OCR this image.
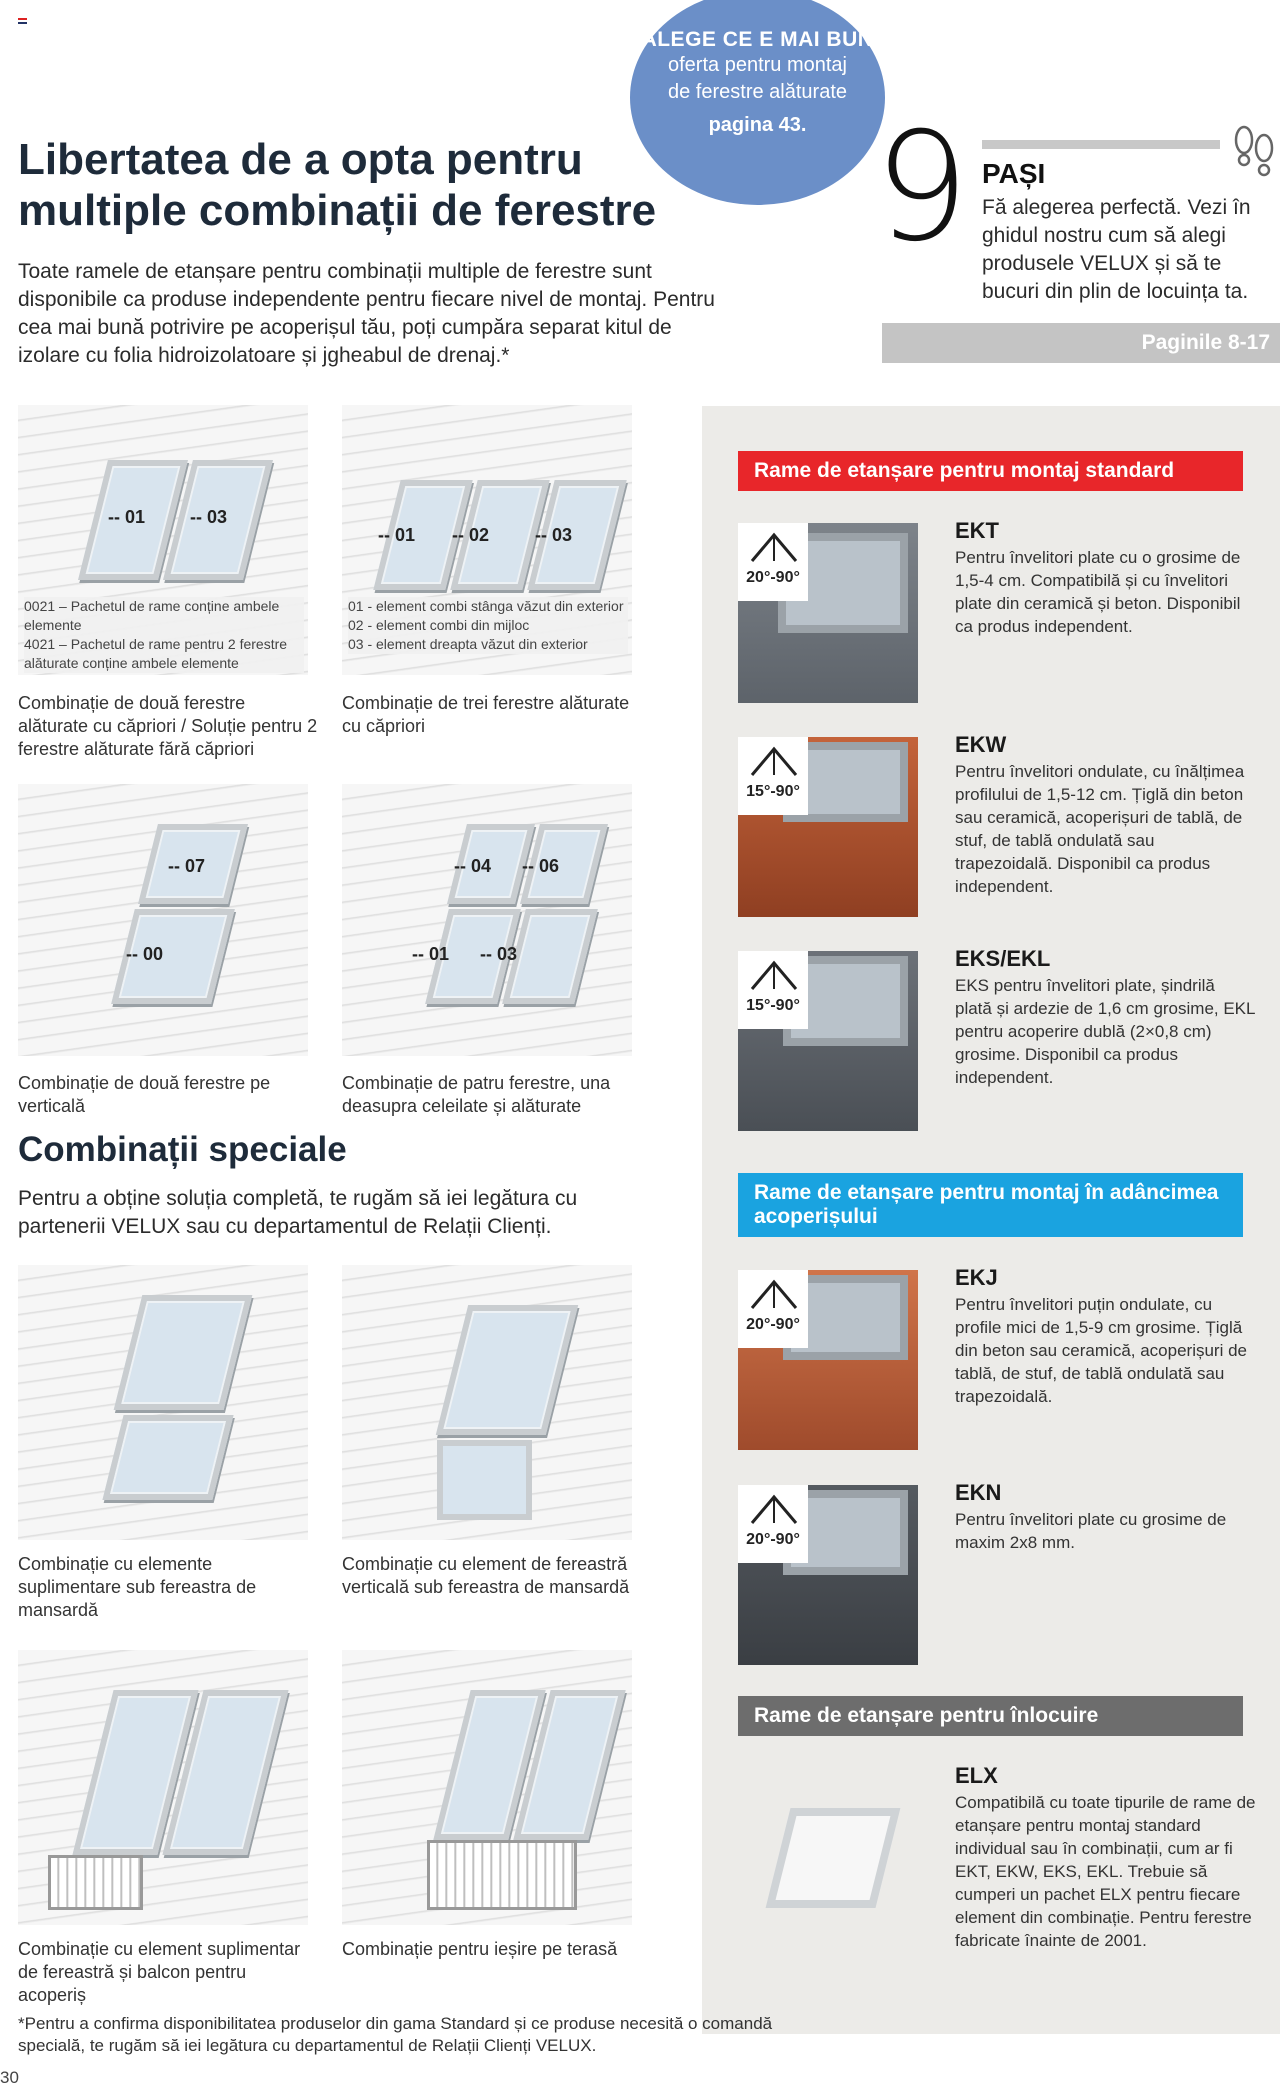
ALEGE CE E MAI BUN
oferta pentru montaj
de ferestre alăturate
pagina 43.
Libertatea de a opta pentru multiple combinații de ferestre
Toate ramele de etanșare pentru combinații multiple de ferestre sunt disponibile ca produse independente pentru fiecare nivel de montaj. Pentru cea mai bună potrivire pe acoperișul tău, poți cumpăra separat kitul de izolare cu folia hidroizolatoare și jgheabul de drenaj.*
9 PAȘI
Fă alegerea perfectă. Vezi în ghidul nostru cum să alegi produsele VELUX și să te bucuri din plin de locuința ta.
Paginile 8-17
-- 01 -- 03
0021 – Pachetul de rame conține ambele elemente
4021 – Pachetul de rame pentru 2 ferestre alăturate conține ambele elemente
Combinație de două ferestre alăturate cu căpriori / Soluție pentru 2 ferestre alăturate fără căpriori
-- 01 -- 02	-- 03
01 - element combi stânga văzut din exterior
02 - element combi din mijloc
03 - element dreapta văzut din exterior
Combinație de trei ferestre alăturate cu căpriori
-- 07
-- 00
Combinație de două ferestre pe verticală
-- 04 -- 06
-- 01 -- 03
Combinație de patru ferestre, una deasupra celeilate și alăturate
Combinații speciale
Pentru a obține soluția completă, te rugăm să iei legătura cu partenerii VELUX sau cu departamentul de Relații Clienți.
Combinație cu elemente suplimentare sub fereastra de mansardă
Combinație cu element de fereastră verticală sub fereastra de mansardă
Combinație cu element suplimentar de fereastră și balcon pentru acoperiș
Combinație pentru ieșire pe terasă
Rame de etanșare pentru montaj standard
20°-90°
EKT
Pentru învelitori plate cu o grosime de 1,5-4 cm. Compatibilă și cu învelitori plate din ceramică și beton. Disponibil ca produs independent.
15°-90°
EKW
Pentru învelitori ondulate, cu înălțimea profilului de 1,5-12 cm. Țiglă din beton sau ceramică, acoperișuri de tablă, de stuf, de tablă ondulată sau trapezoidală. Disponibil ca produs independent.
15°-90°
EKS/EKL
EKS pentru învelitori plate, șindrilă plată și ardezie de 1,6 cm grosime, EKL pentru acoperire dublă (2×0,8 cm) grosime. Disponibil ca produs independent.
Rame de etanșare pentru montaj în adâncimea acoperișului
20°-90°
EKJ
Pentru învelitori puțin ondulate, cu profile mici de 1,5-9 cm grosime. Țiglă din beton sau ceramică, acoperișuri de tablă, de stuf, de tablă ondulată sau trapezoidală.
20°-90°
EKN
Pentru învelitori plate cu grosime de maxim 2x8 mm.
Rame de etanșare pentru înlocuire
ELX
Compatibilă cu toate tipurile de rame de etanșare pentru montaj standard individual sau în combinații, cum ar fi EKT, EKW, EKS, EKL. Trebuie să cumperi un pachet ELX pentru fiecare element din combinație. Pentru ferestre fabricate înainte de 2001.
*Pentru a confirma disponibilitatea produselor din gama Standard și ce produse necesită o comandă specială, te rugăm să iei legătura cu departamentul de Relații Clienți VELUX.
30
